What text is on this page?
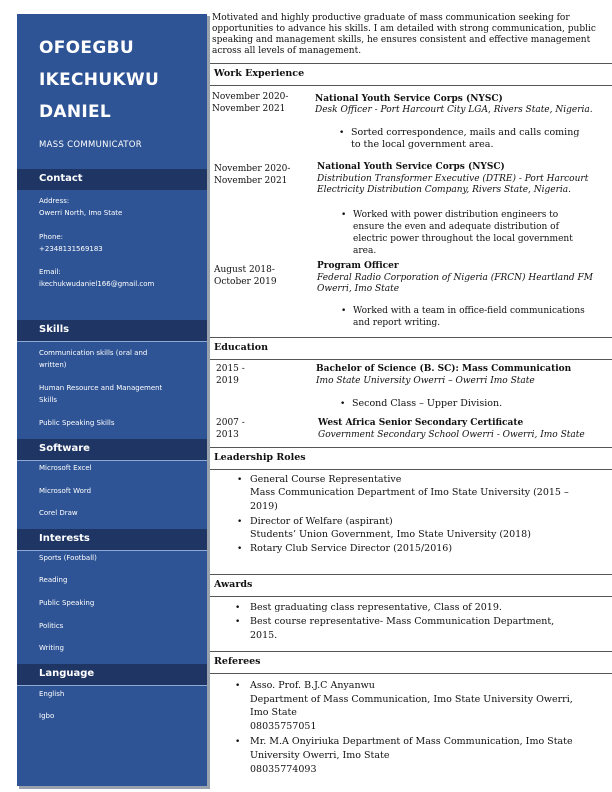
OFOEGBU
IKECHUKWU
DANIEL
MASS COMMUNICATOR
Contact
Address:
Owerri North, Imo State
Phone:
+2348131569183
Email:
ikechukwudaniel166@gmail.com
Skills
Communication skills (oral and written)
Human Resource and Management Skills
Public Speaking Skills
Software
Microsoft Excel
Microsoft Word
Corel Draw
Interests
Sports (Football)
Reading
Public Speaking
Politics
Writing
Language
English
Igbo
Motivated and highly productive graduate of mass communication seeking for opportunities to advance his skills. I am detailed with strong communication, public speaking and management skills, he ensures consistent and effective management across all levels of management.
Work Experience
November 2020-
November 2021
National Youth Service Corps (NYSC)
Desk Officer - Port Harcourt City LGA, Rivers State, Nigeria.
• Sorted correspondence, mails and calls coming
to the local government area.
November 2020-
November 2021
National Youth Service Corps (NYSC)
Distribution Transformer Executive (DTRE) - Port Harcourt
Electricity Distribution Company, Rivers State, Nigeria.
• Worked with power distribution engineers to
ensure the even and adequate distribution of
electric power throughout the local government
area.
August 2018-
October 2019
Program Officer
Federal Radio Corporation of Nigeria (FRCN) Heartland FM
Owerri, Imo State
• Worked with a team in office-field communications
and report writing.
Education
2015 -
2019
Bachelor of Science (B. SC): Mass Communication
Imo State University Owerri – Owerri Imo State
• Second Class – Upper Division.
2007 -
2013
West Africa Senior Secondary Certificate
Government Secondary School Owerri - Owerri, Imo State
Leadership Roles
• General Course Representative
Mass Communication Department of Imo State University (2015 –
2019)
• Director of Welfare (aspirant)
Students’ Union Government, Imo State University (2018)
• Rotary Club Service Director (2015/2016)
Awards
• Best graduating class representative, Class of 2019.
• Best course representative- Mass Communication Department,
2015.
Referees
• Asso. Prof. B.J.C Anyanwu
Department of Mass Communication, Imo State University Owerri,
Imo State
08035757051
• Mr. M.A Onyiriuka Department of Mass Communication, Imo State
University Owerri, Imo State
08035774093
